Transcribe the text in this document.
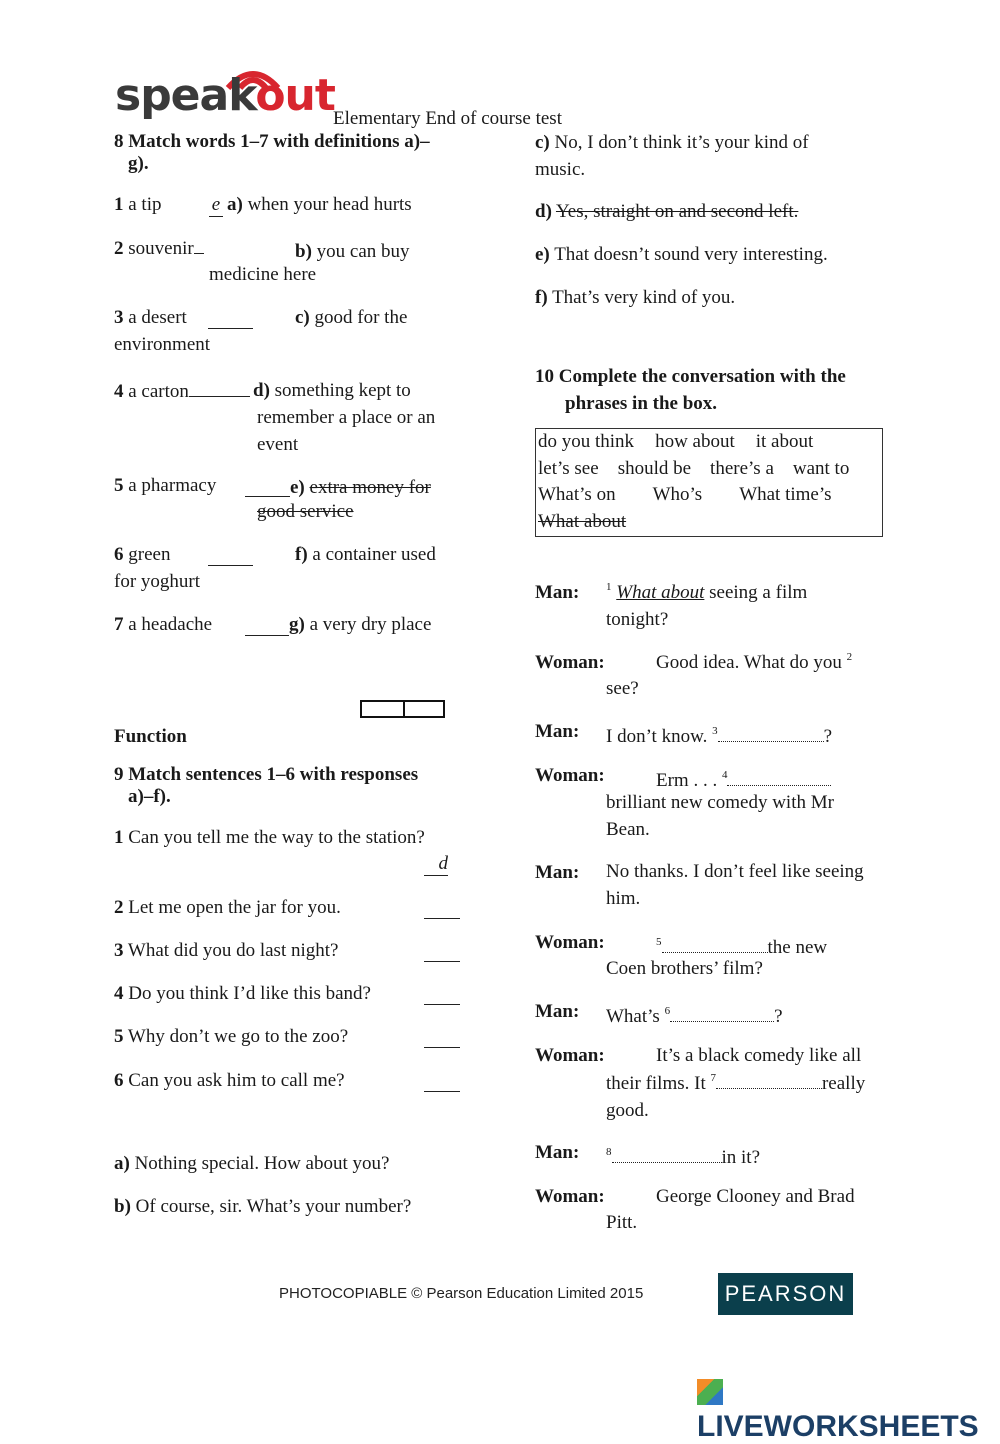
speakout
Elementary End of course test
8 Match words 1–7 with definitions a)–
g).
1 a tip	e a) when your head hurts
2 souvenir	b) you can buy
medicine here
3 a desert	c) good for the
environment
4 a carton	d) something kept to
remember a place or an
event
5 a pharmacy	e) extra money for
good service
6 green	f) a container used
for yoghurt
7 a headache	g) a very dry place
Function
9 Match sentences 1–6 with responses
a)–f).
1 Can you tell me the way to the station?
d
2 Let me open the jar for you.
3 What did you do last night?
4 Do you think I’d like this band?
5 Why don’t we go to the zoo?
6 Can you ask him to call me?
a) Nothing special. How about you?
b) Of course, sir. What’s your number?
c) No, I don’t think it’s your kind of
music.
d) Yes, straight on and second left.
e) That doesn’t sound very interesting.
f) That’s very kind of you.
10 Complete the conversation with the
phrases in the box.
do you think how about it about
let’s see should be there’s a want to
What’s on Who’s What time’s
What about
Man: $^1$ What about seeing a film
tonight?
Woman:	Good idea. What do you $^2$
see?
Man: I don’t know. $^3$	?
Woman:	Erm . . . $^4$
brilliant new comedy with Mr
Bean.
Man: No thanks. I don’t feel like seeing
him.
Woman:	$^5$	the new
Coen brothers’ film?
Man: What’s $^6$	?
Woman:	It’s a black comedy like all
their films. It $^7$	really
good.
Man: $^8$	in it?
Woman:	George Clooney and Brad
Pitt.
PHOTOCOPIABLE © Pearson Education Limited 2015	PEARSON
LIVEWORKSHEETS
